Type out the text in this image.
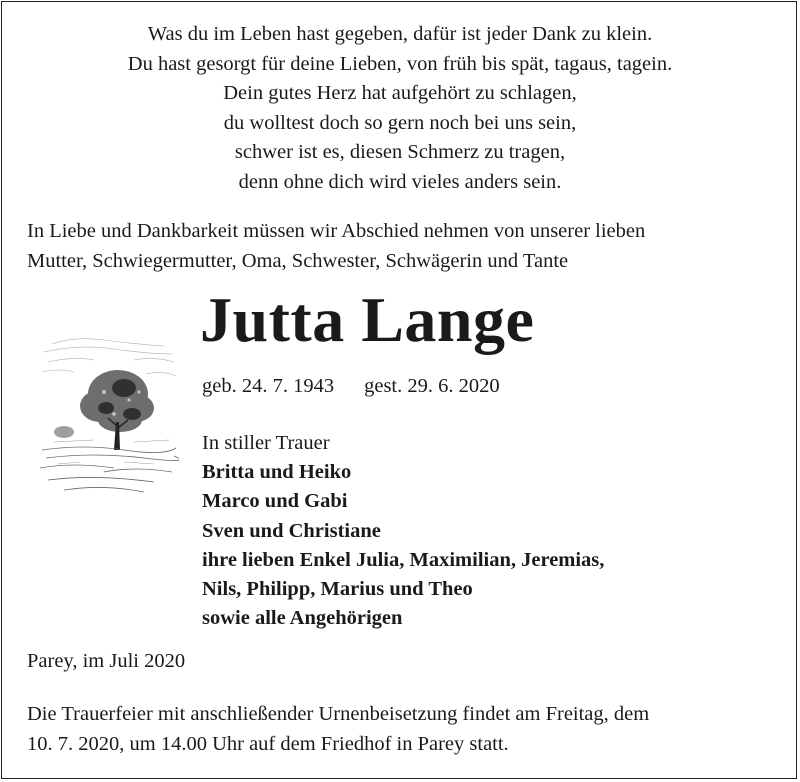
Was du im Leben hast gegeben, dafür ist jeder Dank zu klein.
Du hast gesorgt für deine Lieben, von früh bis spät, tagaus, tagein.
Dein gutes Herz hat aufgehört zu schlagen,
du wolltest doch so gern noch bei uns sein,
schwer ist es, diesen Schmerz zu tragen,
denn ohne dich wird vieles anders sein.
In Liebe und Dankbarkeit müssen wir Abschied nehmen von unserer lieben
Mutter, Schwiegermutter, Oma, Schwester, Schwägerin und Tante
Jutta Lange
geb. 24. 7. 1943 gest. 29. 6. 2020
In stiller Trauer
Britta und Heiko
Marco und Gabi
Sven und Christiane
ihre lieben Enkel Julia, Maximilian, Jeremias,
Nils, Philipp, Marius und Theo
sowie alle Angehörigen
Parey, im Juli 2020
Die Trauerfeier mit anschließender Urnenbeisetzung findet am Freitag, dem
10. 7. 2020, um 14.00 Uhr auf dem Friedhof in Parey statt.
